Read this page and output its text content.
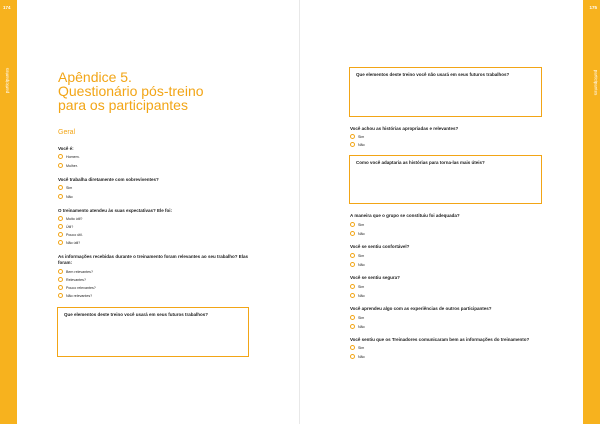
174	175
participantes	participantes
Apêndice 5.
Questionário pós-treino
para os participantes
Geral
Você é:
Homem.
Mulher.
Você trabalha diretamente com sobreviventes?
Sim
Não
O treinamento atendeu às suas expectativas? Ele foi:
Muito útil?
Útil?
Pouco útil.
Não útil?
As informações recebidas durante o treinamento foram relevantes ao seu trabalho? Elas foram:
Bem relevantes?
Relevantes?
Pouco relevantes?
Não relevantes?
Que elementos deste treino você usará em seus futuros trabalhos?
Que elementos deste treino você não usará em seus futuros trabalhos?
Você achou as histórias apropriadas e relevantes?
Sim
Não
Como você adaptaria as histórias para torna-las mais úteis?
A maneira que o grupo se constituiu foi adequada?
Sim
Não
Você se sentiu confortável?
Sim
Não
Você se sentiu segura?
Sim
Não
Você aprendeu algo com as experiências de outros participantes?
Sim
Não
Você sentiu que os Treinadores comunicaram bem as informações do treinamento?
Sim
Não
